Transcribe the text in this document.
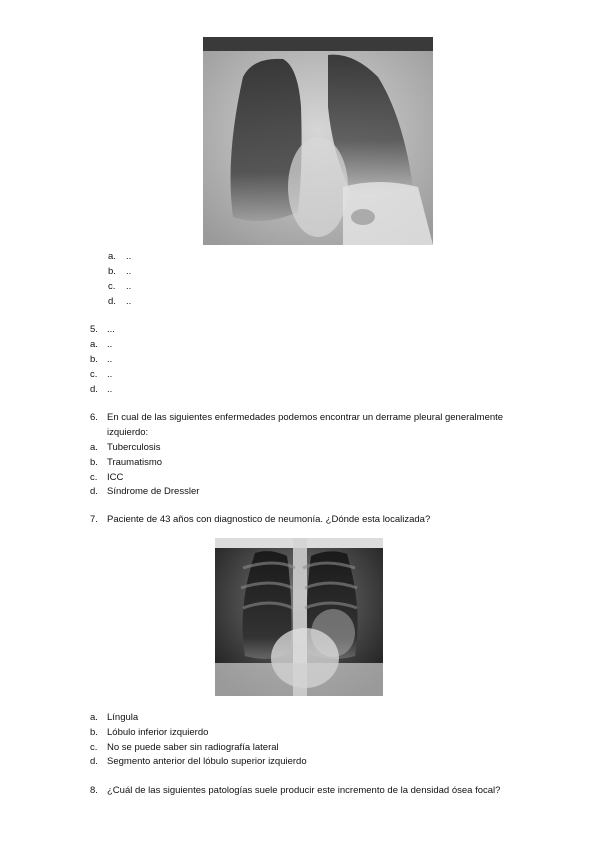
a. ..
b. ..
c. ..
d. ..
5. ...
a. ..
b. ..
c. ..
d. ..
6. En cual de las siguientes enfermedades podemos encontrar un derrame pleural generalmente
izquierdo:
a. Tuberculosis
b. Traumatismo
c. ICC
d. Síndrome de Dressler
7. Paciente de 43 años con diagnostico de neumonía. ¿Dónde esta localizada?
a. Língula
b. Lóbulo inferior izquierdo
c. No se puede saber sin radiografía lateral
d. Segmento anterior del lóbulo superior izquierdo
8. ¿Cuál de las siguientes patologías suele producir este incremento de la densidad ósea focal?
